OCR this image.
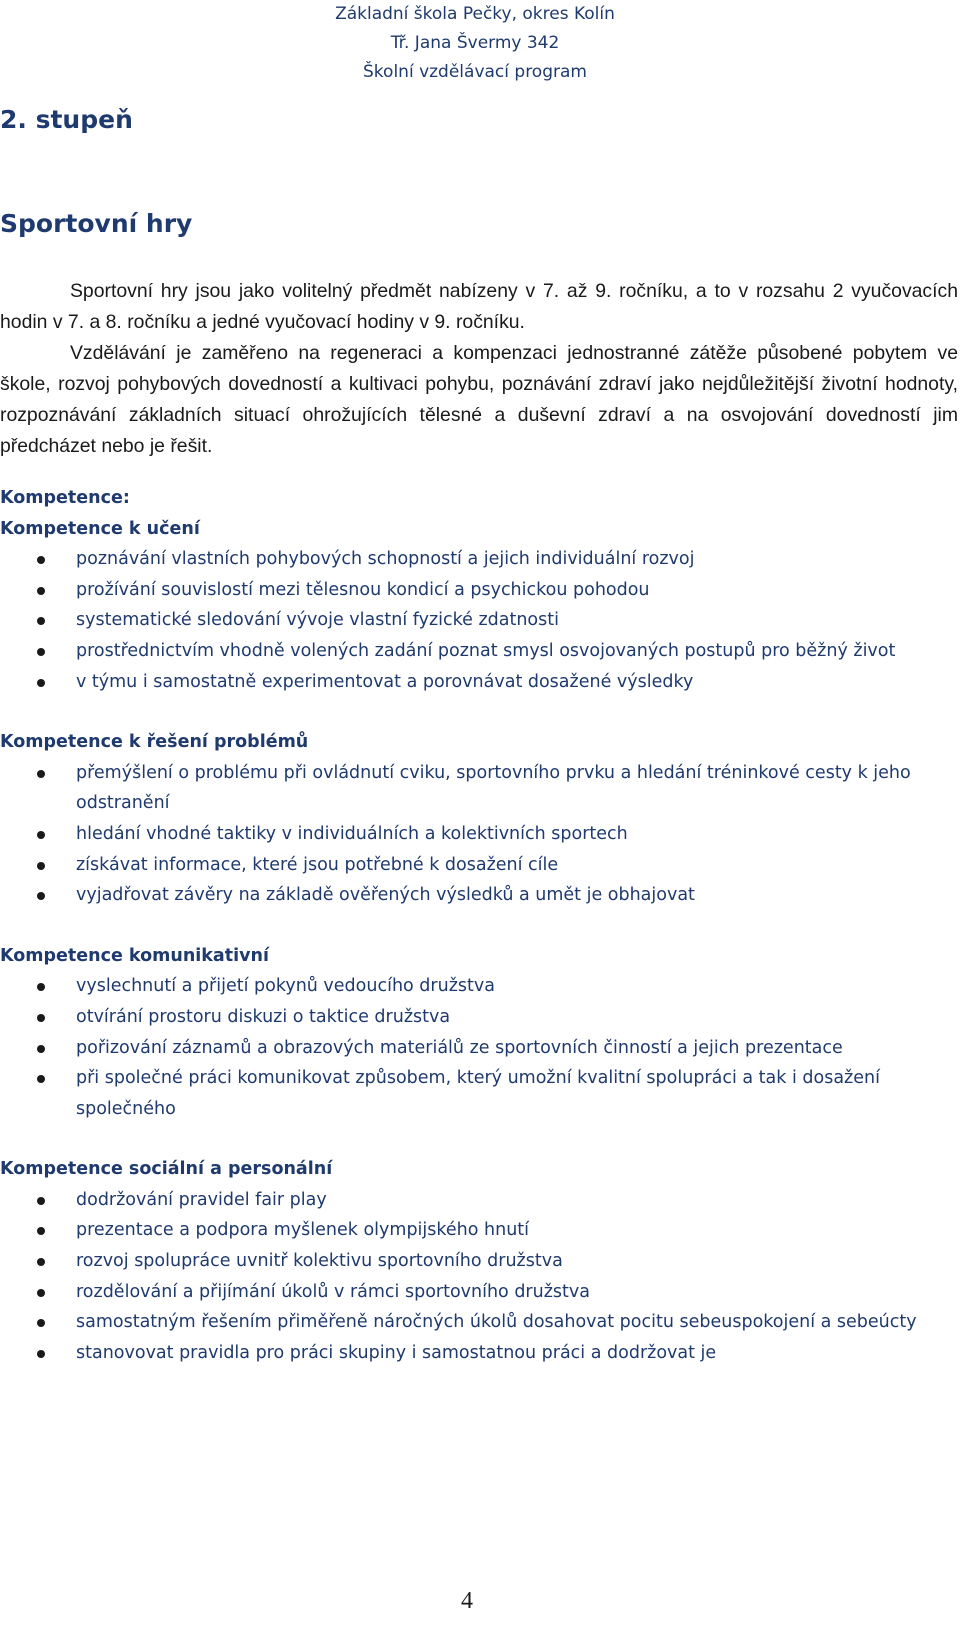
Základní škola Pečky, okres Kolín
Tř. Jana Švermy 342
Školní vzdělávací program
2. stupeň
Sportovní hry

Sportovní hry jsou jako volitelný předmět nabízeny v 7. až 9. ročníku, a to v rozsahu 2 vyučovacích hodin v 7. a 8. ročníku a jedné vyučovací hodiny v 9. ročníku.

Vzdělávání je zaměřeno na regeneraci a kompenzaci jednostranné zátěže působené pobytem ve škole, rozvoj pohybových dovedností a kultivaci pohybu, poznávání zdraví jako nejdůležitější životní hodnoty, rozpoznávání základních situací ohrožujících tělesné a duševní zdraví a na osvojování dovedností jim předcházet nebo je řešit.

Kompetence:

Kompetence k učení

poznávání vlastních pohybových schopností a jejich individuální rozvoj
prožívání souvislostí mezi tělesnou kondicí a psychickou pohodou
systematické sledování vývoje vlastní fyzické zdatnosti
prostřednictvím vhodně volených zadání poznat smysl osvojovaných postupů pro běžný život
v týmu i samostatně experimentovat a porovnávat dosažené výsledky

Kompetence k řešení problémů

přemýšlení o problému při ovládnutí cviku, sportovního prvku a hledání tréninkové cesty k jeho odstranění
hledání vhodné taktiky v individuálních a kolektivních sportech
získávat informace, které jsou potřebné k dosažení cíle
vyjadřovat závěry na základě ověřených výsledků a umět je obhajovat

Kompetence komunikativní

vyslechnutí a přijetí pokynů vedoucího družstva
otvírání prostoru diskuzi o taktice družstva
pořizování záznamů a obrazových materiálů ze sportovních činností a jejich prezentace
při společné práci komunikovat způsobem, který umožní kvalitní spolupráci a tak i dosažení společného

Kompetence sociální a personální

dodržování pravidel fair play
prezentace a podpora myšlenek olympijského hnutí
rozvoj spolupráce uvnitř kolektivu sportovního družstva
rozdělování a přijímání úkolů v rámci sportovního družstva
samostatným řešením přiměřeně náročných úkolů dosahovat pocitu sebeuspokojení a sebeúcty
stanovovat pravidla pro práci skupiny i samostatnou práci a dodržovat je
4
